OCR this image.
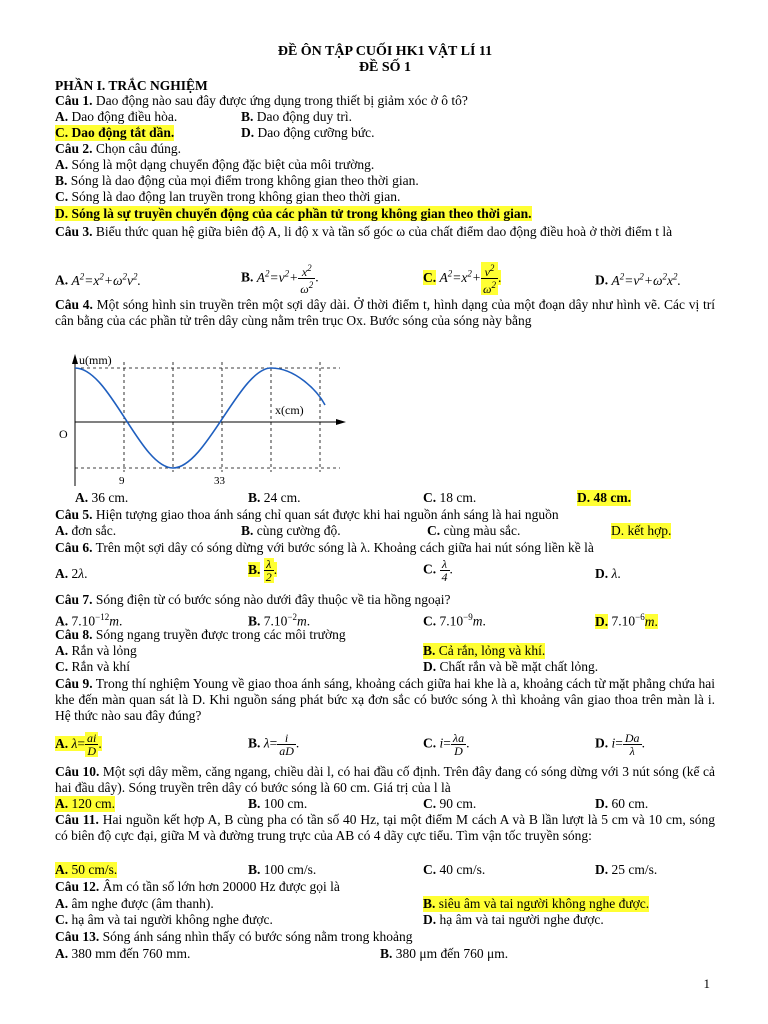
ĐỀ ÔN TẬP CUỐI HK1 VẬT LÍ 11
ĐỀ SỐ 1
PHẦN I. TRẮC NGHIỆM
Câu 1. Dao động nào sau đây được ứng dụng trong thiết bị giảm xóc ở ô tô?
A. Dao động điều hòa.	B. Dao động duy trì.
C. Dao động tắt dần.	D. Dao động cưỡng bức.
Câu 2. Chọn câu đúng.
A. Sóng là một dạng chuyển động đặc biệt của môi trường.
B. Sóng là dao động của mọi điểm trong không gian theo thời gian.
C. Sóng là dao động lan truyền trong không gian theo thời gian.
D. Sóng là sự truyền chuyển động của các phần tử trong không gian theo thời gian.
Câu 3. Biểu thức quan hệ giữa biên độ A, li độ x và tần số góc ω của chất điểm dao động điều hoà ở thời điểm t là
A. $A^2=x^2+\omega^2v^2$.	B. $A^2=v^2+ \frac{x^2}{\omega^2}$ .	C. $A^2=x^2+ \frac{v^2}{\omega^2}$ .	D. $A^2=v^2+\omega^2x^2$.
Câu 4. Một sóng hình sin truyền trên một sợi dây dài. Ở thời điểm t, hình dạng của một đoạn dây như hình vẽ. Các vị trí cân bằng của các phần tử trên dây cùng nằm trên trục Ox. Bước sóng của sóng này bằng
u(mm)
x(cm)
O
9	33
A. 36 cm.	B. 24 cm.	C. 18 cm.	D. 48 cm.
Câu 5. Hiện tượng giao thoa ánh sáng chỉ quan sát được khi hai nguồn ánh sáng là hai nguồn
A. đơn sắc.	B. cùng cường độ.	C. cùng màu sắc.	D. kết hợp.
Câu 6. Trên một sợi dây có sóng dừng với bước sóng là λ. Khoảng cách giữa hai nút sóng liền kề là
A. 2λ.	B. $\frac{\lambda}{2}$ .	C. $\frac{\lambda}{4}$ .	D. λ.
Câu 7. Sóng điện từ có bước sóng nào dưới đây thuộc về tia hồng ngoại?
A. $7.10^{-12}m$.	B. $7.10^{-2}m$.	C. $7.10^{-9}m$.	D. $7.10^{-6}m$.
Câu 8. Sóng ngang truyền được trong các môi trường
A. Rắn và lỏng	B. Cả rắn, lỏng và khí.
C. Rắn và khí	D. Chất rắn và bề mặt chất lỏng.
Câu 9. Trong thí nghiệm Young về giao thoa ánh sáng, khoảng cách giữa hai khe là a, khoảng cách từ mặt phẳng chứa hai khe đến màn quan sát là D. Khi nguồn sáng phát bức xạ đơn sắc có bước sóng λ thì khoảng vân giao thoa trên màn là i. Hệ thức nào sau đây đúng?
A. $\lambda= \frac{ai}{D}$ .	B. $\lambda= \frac{i}{aD}$ .	C. $i= \frac{\lambda a}{D}$ .	D. $i= \frac{Da}{\lambda}$ .
Câu 10. Một sợi dây mềm, căng ngang, chiều dài l, có hai đầu cố định. Trên đây đang có sóng dừng với 3 nút sóng (kể cả hai đầu dây). Sóng truyền trên dây có bước sóng là 60 cm. Giá trị của l là
A. 120 cm.	B. 100 cm.	C. 90 cm.	D. 60 cm.
Câu 11. Hai nguồn kết hợp A, B cùng pha có tần số 40 Hz, tại một điểm M cách A và B lần lượt là 5 cm và 10 cm, sóng có biên độ cực đại, giữa M và đường trung trực của AB có 4 dãy cực tiểu. Tìm vận tốc truyền sóng:
A. 50 cm/s.	B. 100 cm/s.	C. 40 cm/s.	D. 25 cm/s.
Câu 12. Âm có tần số lớn hơn 20000 Hz được gọi là
A. âm nghe được (âm thanh).	B. siêu âm và tai người không nghe được.
C. hạ âm và tai người không nghe được.	D. hạ âm và tai người nghe được.
Câu 13. Sóng ánh sáng nhìn thấy có bước sóng nằm trong khoảng
A. 380 mm đến 760 mm.	B. 380 μm đến 760 μm.
1
